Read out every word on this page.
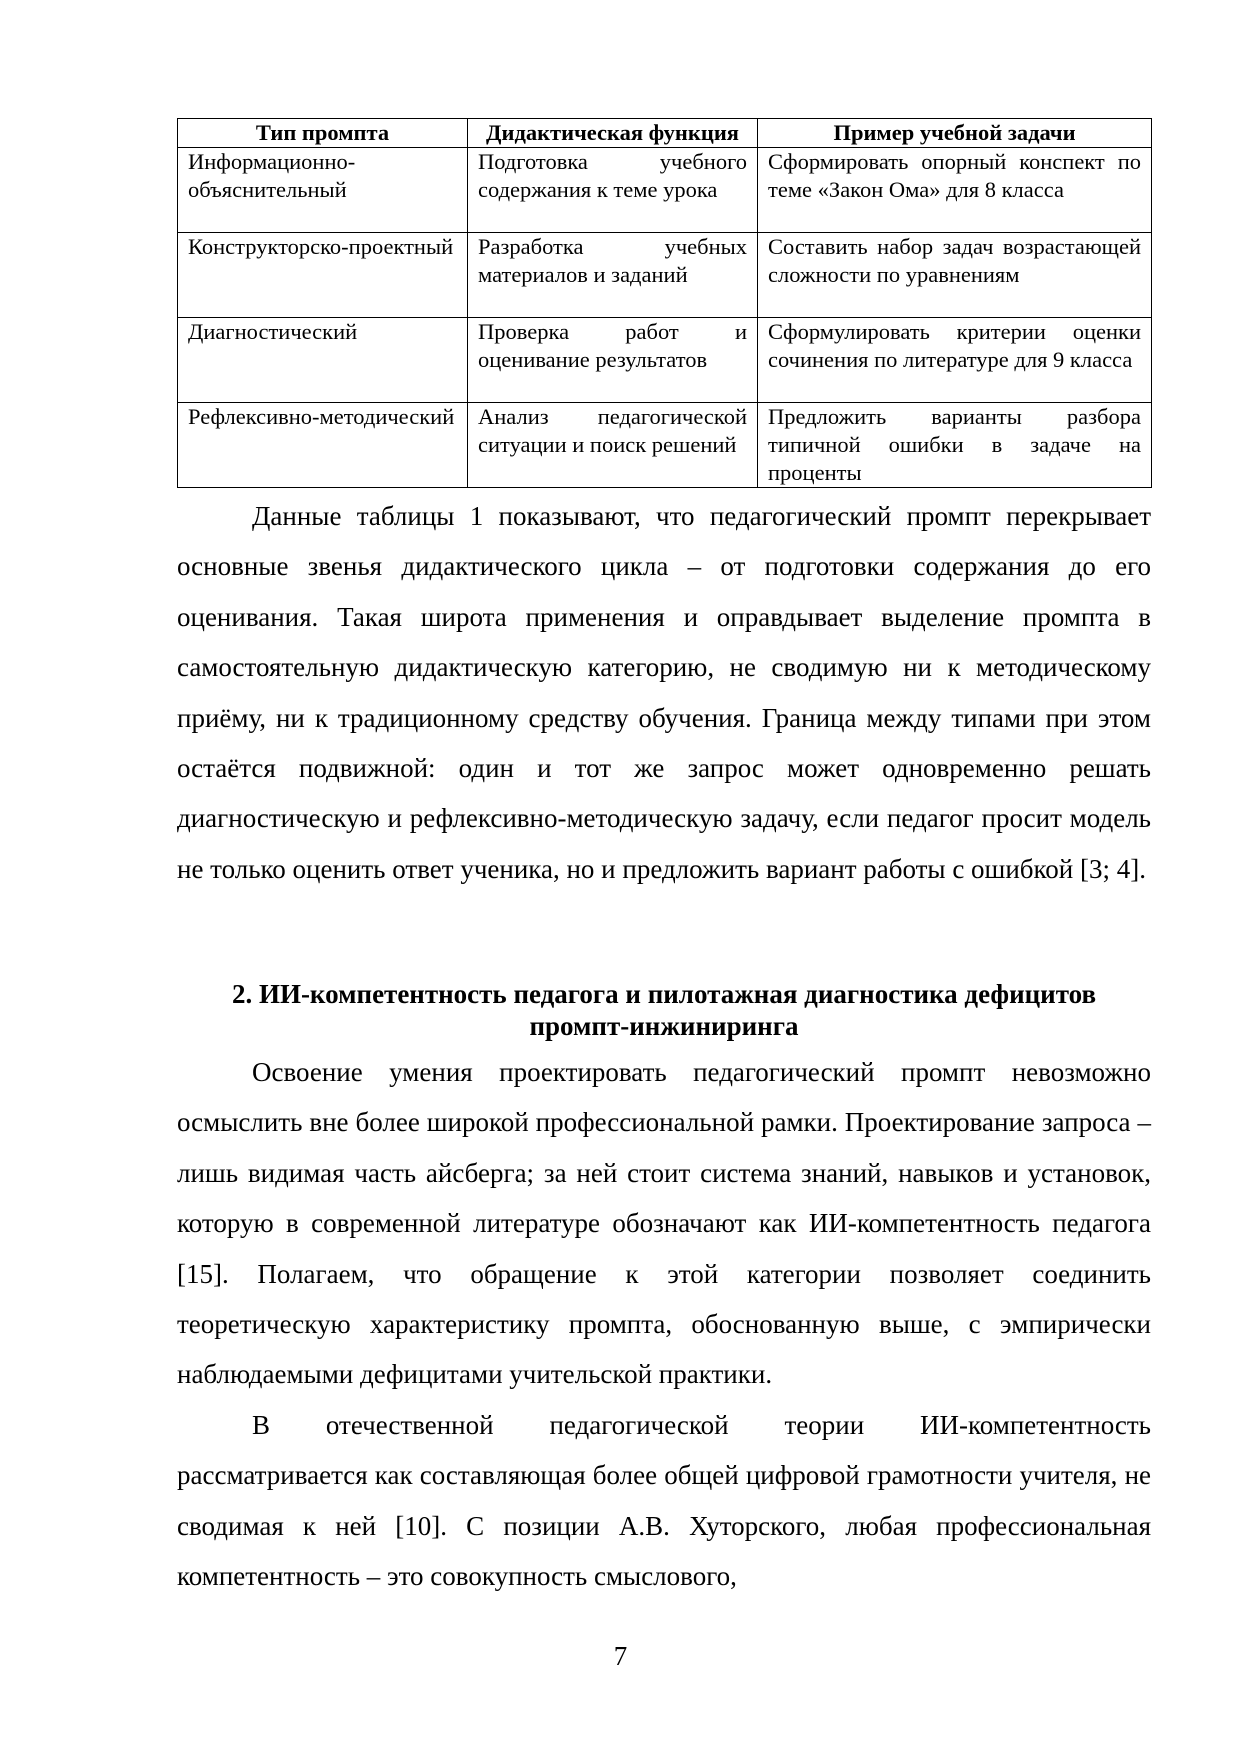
Тип промпта	Дидактическая функция	Пример учебной задачи
Информационно-объяснительный	Подготовка учебного содержания к теме урока	Сформировать опорный конспект по теме «Закон Ома» для 8 класса
Конструкторско-проектный	Разработка учебных материалов и заданий	Составить набор задач возрастающей сложности по уравнениям
Диагностический	Проверка работ и оценивание результатов	Сформулировать критерии оценки сочинения по литературе для 9 класса
Рефлексивно-методический	Анализ педагогической ситуации и поиск решений	Предложить варианты разбора типичной ошибки в задаче на проценты

Данные таблицы 1 показывают, что педагогический промпт перекрывает основные звенья дидактического цикла – от подготовки содержания до его оценивания. Такая широта применения и оправдывает выделение промпта в самостоятельную дидактическую категорию, не сводимую ни к методическому приёму, ни к традиционному средству обучения. Граница между типами при этом остаётся подвижной: один и тот же запрос может одновременно решать диагностическую и рефлексивно-методическую задачу, если педагог просит модель не только оценить ответ ученика, но и предложить вариант работы с ошибкой [3; 4].

2. ИИ-компетентность педагога и пилотажная диагностика дефицитов
промпт-инжиниринга

Освоение умения проектировать педагогический промпт невозможно осмыслить вне более широкой профессиональной рамки. Проектирование запроса – лишь видимая часть айсберга; за ней стоит система знаний, навыков и установок, которую в современной литературе обозначают как ИИ-компетентность педагога [15]. Полагаем, что обращение к этой категории позволяет соединить теоретическую характеристику промпта, обоснованную выше, с эмпирически наблюдаемыми дефицитами учительской практики.

В отечественной педагогической теории ИИ-компетентность рассматривается как составляющая более общей цифровой грамотности учителя, не сводимая к ней [10]. С позиции А.В. Хуторского, любая профессиональная компетентность – это совокупность смыслового,

7
